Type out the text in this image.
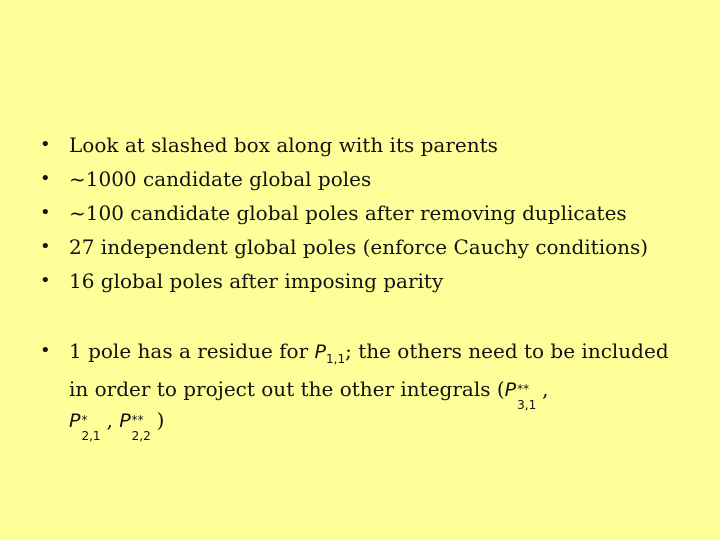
• Look at slashed box along with its parents
• ~1000 candidate global poles
• ~100 candidate global poles after removing duplicates
• 27 independent global poles (enforce Cauchy conditions)
• 16 global poles after imposing parity
• 1 pole has a residue for $P_{1,1}$; the others need to be included in order to project out the other integrals (P **
3,1
,
P *
2,1
, P **
2,2
)
